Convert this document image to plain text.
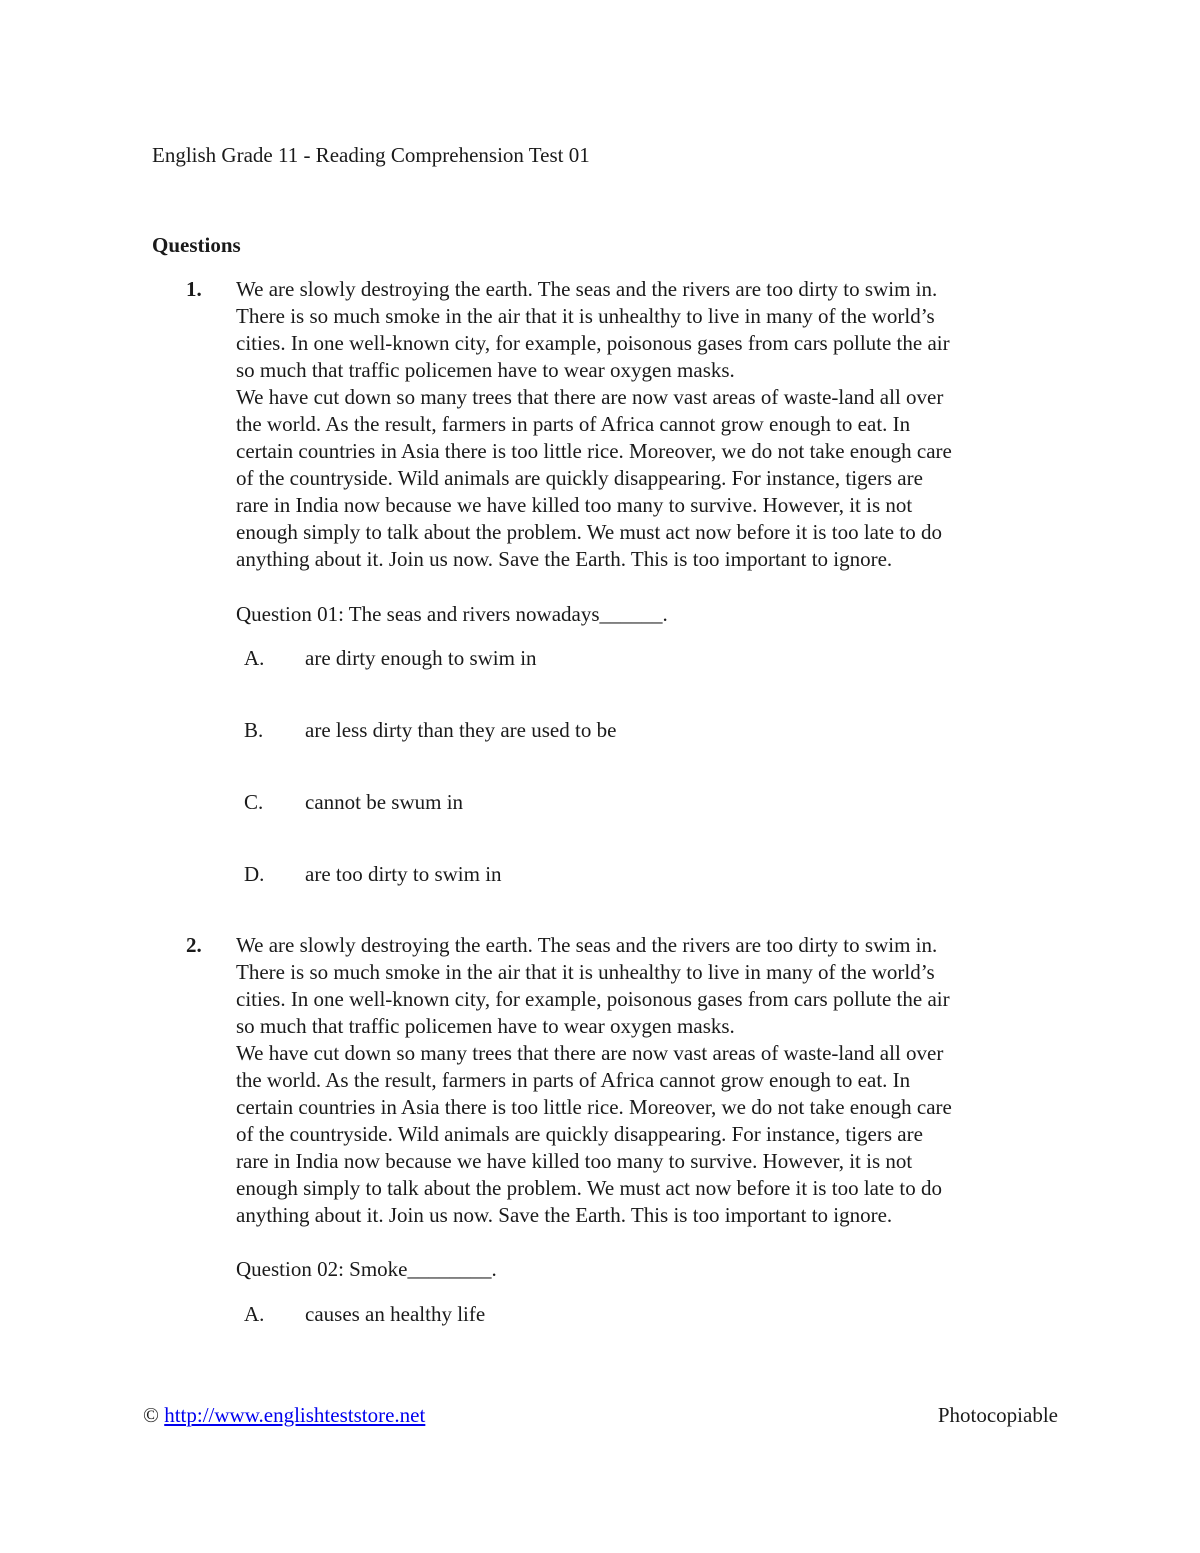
English Grade 11 - Reading Comprehension Test 01
Questions
1. We are slowly destroying the earth. The seas and the rivers are too dirty to swim in.

There is so much smoke in the air that it is unhealthy to live in many of the world’s

cities. In one well-known city, for example, poisonous gases from cars pollute the air

so much that traffic policemen have to wear oxygen masks.

We have cut down so many trees that there are now vast areas of waste-land all over

the world. As the result, farmers in parts of Africa cannot grow enough to eat. In

certain countries in Asia there is too little rice. Moreover, we do not take enough care

of the countryside. Wild animals are quickly disappearing. For instance, tigers are

rare in India now because we have killed too many to survive. However, it is not

enough simply to talk about the problem. We must act now before it is too late to do

anything about it. Join us now. Save the Earth. This is too important to ignore.

Question 01: The seas and rivers nowadays______.
A. are dirty enough to swim in
B. are less dirty than they are used to be
C. cannot be swum in
D. are too dirty to swim in
2. We are slowly destroying the earth. The seas and the rivers are too dirty to swim in.

There is so much smoke in the air that it is unhealthy to live in many of the world’s

cities. In one well-known city, for example, poisonous gases from cars pollute the air

so much that traffic policemen have to wear oxygen masks.

We have cut down so many trees that there are now vast areas of waste-land all over

the world. As the result, farmers in parts of Africa cannot grow enough to eat. In

certain countries in Asia there is too little rice. Moreover, we do not take enough care

of the countryside. Wild animals are quickly disappearing. For instance, tigers are

rare in India now because we have killed too many to survive. However, it is not

enough simply to talk about the problem. We must act now before it is too late to do

anything about it. Join us now. Save the Earth. This is too important to ignore.

Question 02: Smoke________.
A. causes an healthy life
© http://www.englishteststore.net	Photocopiable
